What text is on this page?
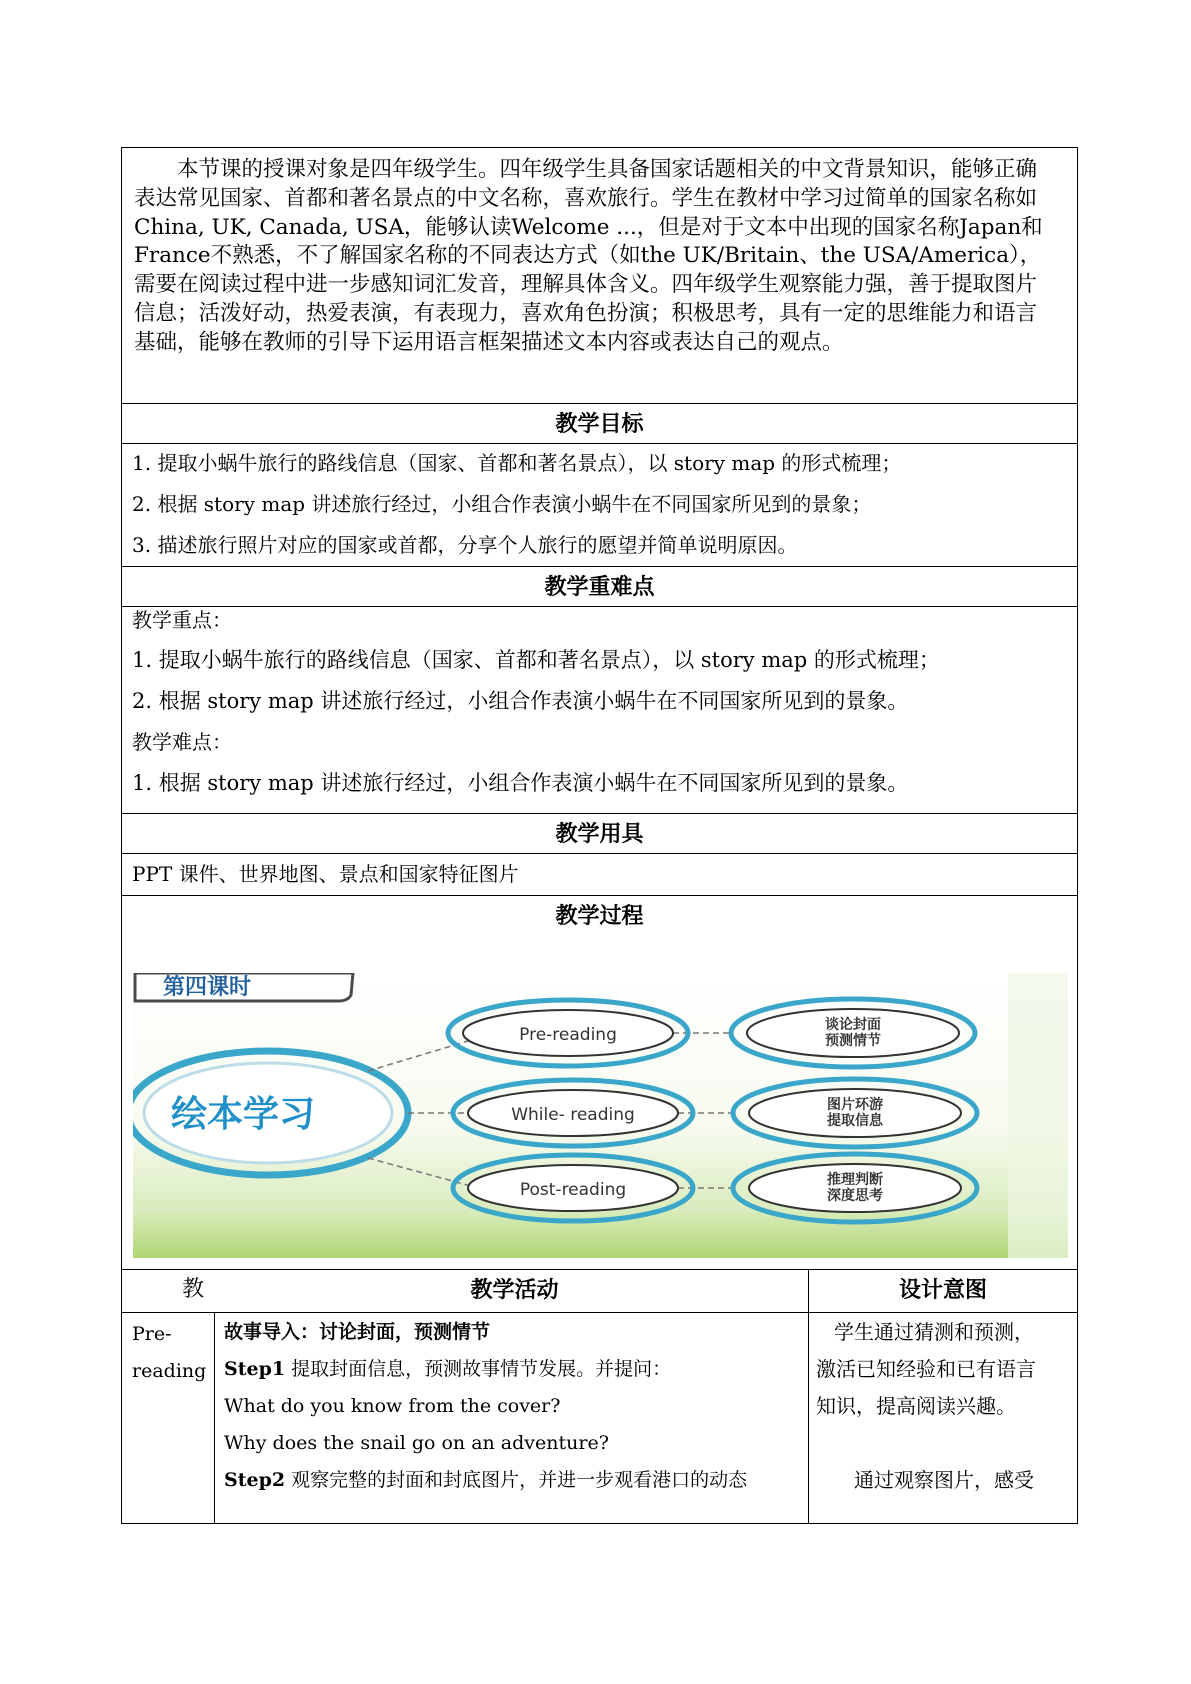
本节课的授课对象是四年级学生。四年级学生具备国家话题相关的中文背景知识，能够正确表达常见国家、首都和著名景点的中文名称，喜欢旅行。学生在教材中学习过简单的国家名称如China, UK, Canada, USA，能够认读Welcome ...，但是对于文本中出现的国家名称Japan和France不熟悉，不了解国家名称的不同表达方式（如the UK/Britain、the USA/America），需要在阅读过程中进一步感知词汇发音，理解具体含义。四年级学生观察能力强，善于提取图片信息；活泼好动，热爱表演，有表现力，喜欢角色扮演；积极思考，具有一定的思维能力和语言基础，能够在教师的引导下运用语言框架描述文本内容或表达自己的观点。

教学目标
1. 提取小蜗牛旅行的路线信息（国家、首都和著名景点），以 story map 的形式梳理；
2. 根据 story map 讲述旅行经过，小组合作表演小蜗牛在不同国家所见到的景象；
3. 描述旅行照片对应的国家或首都，分享个人旅行的愿望并简单说明原因。
教学重难点
教学重点：
1. 提取小蜗牛旅行的路线信息（国家、首都和著名景点），以 story map 的形式梳理；
2. 根据 story map 讲述旅行经过，小组合作表演小蜗牛在不同国家所见到的景象。
教学难点：
1. 根据 story map 讲述旅行经过，小组合作表演小蜗牛在不同国家所见到的景象。
教学用具
PPT 课件、世界地图、景点和国家特征图片
教学过程
第四课时
绘本学习
Pre-reading
While- reading
Post-reading
谈论封面
预测情节
图片环游
提取信息
推理判断
深度思考
教	教学活动	设计意图
Pre-
reading
故事导入：讨论封面，预测情节
Step1 提取封面信息，预测故事情节发展。并提问：
What do you know from the cover?
Why does the snail go on an adventure?
Step2 观察完整的封面和封底图片，并进一步观看港口的动态
学生通过猜测和预测，
激活已知经验和已有语言
知识，提高阅读兴趣。
通过观察图片，感受
